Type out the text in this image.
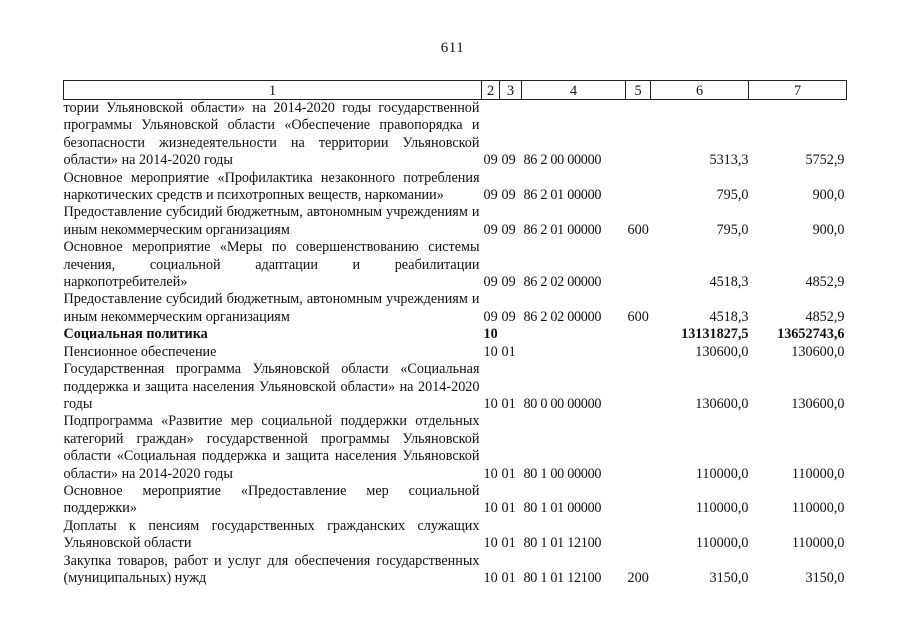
611
1	2	3	4	5	6	7
тории Ульяновской области» на 2014-2020 годы государственной программы Ульяновской области «Обеспечение правопорядка и безопасности жизнедеятельности на территории Ульяновской области» на 2014-2020 годы	09	09	86 2 00 00000		5313,3	5752,9
Основное мероприятие «Профилактика незаконного потребления наркотических средств и психотропных веществ, наркомании»	09	09	86 2 01 00000		795,0	900,0
Предоставление субсидий бюджетным, автономным учреждениям и иным некоммерческим организациям	09	09	86 2 01 00000	600	795,0	900,0
Основное мероприятие «Меры по совершенствованию системы лечения, социальной адаптации и реабилитации наркопотребителей»	09	09	86 2 02 00000		4518,3	4852,9
Предоставление субсидий бюджетным, автономным учреждениям и иным некоммерческим организациям	09	09	86 2 02 00000	600	4518,3	4852,9
Социальная политика	10				13131827,5	13652743,6
Пенсионное обеспечение	10	01			130600,0	130600,0
Государственная программа Ульяновской области «Социальная поддержка и защита населения Ульяновской области» на 2014-2020 годы	10	01	80 0 00 00000		130600,0	130600,0
Подпрограмма «Развитие мер социальной поддержки отдельных категорий граждан» государственной программы Ульяновской области «Социальная поддержка и защита населения Ульяновской области» на 2014-2020 годы	10	01	80 1 00 00000		110000,0	110000,0
Основное мероприятие «Предоставление мер социальной поддержки»	10	01	80 1 01 00000		110000,0	110000,0
Доплаты к пенсиям государственных гражданских служащих Ульяновской области	10	01	80 1 01 12100		110000,0	110000,0
Закупка товаров, работ и услуг для обеспечения государственных (муниципальных) нужд	10	01	80 1 01 12100	200	3150,0	3150,0
